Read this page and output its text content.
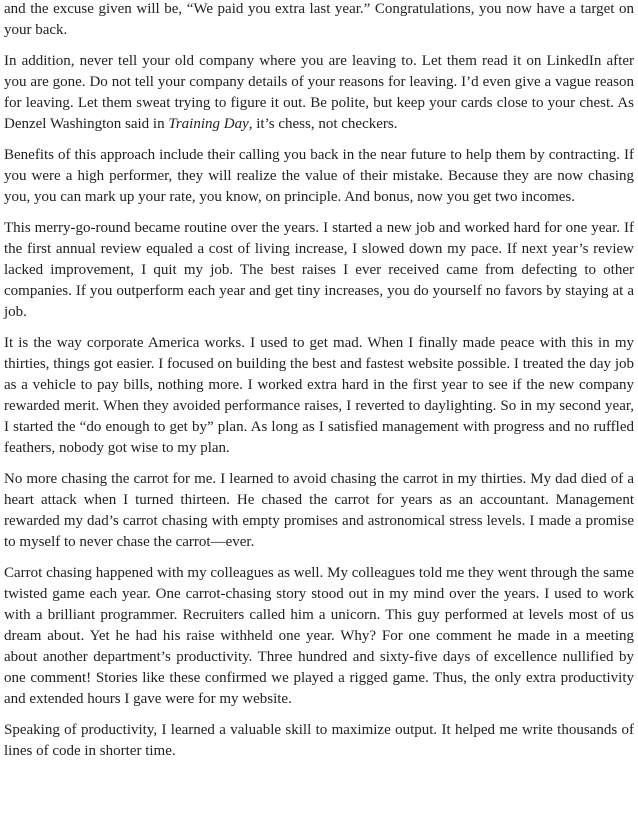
and the excuse given will be, “We paid you extra last year.” Congratulations, you now have a target on your back.

In addition, never tell your old company where you are leaving to. Let them read it on LinkedIn after you are gone. Do not tell your company details of your reasons for leaving. I’d even give a vague reason for leaving. Let them sweat trying to figure it out. Be polite, but keep your cards close to your chest. As Denzel Washington said in Training Day, it’s chess, not checkers.

Benefits of this approach include their calling you back in the near future to help them by contracting. If you were a high performer, they will realize the value of their mistake. Because they are now chasing you, you can mark up your rate, you know, on principle. And bonus, now you get two incomes.

This merry-go-round became routine over the years. I started a new job and worked hard for one year. If the first annual review equaled a cost of living increase, I slowed down my pace. If next year’s review lacked improvement, I quit my job. The best raises I ever received came from defecting to other companies. If you outperform each year and get tiny increases, you do yourself no favors by staying at a job.

It is the way corporate America works. I used to get mad. When I finally made peace with this in my thirties, things got easier. I focused on building the best and fastest website possible. I treated the day job as a vehicle to pay bills, nothing more. I worked extra hard in the first year to see if the new company rewarded merit. When they avoided performance raises, I reverted to daylighting. So in my second year, I started the “do enough to get by” plan. As long as I satisfied management with progress and no ruffled feathers, nobody got wise to my plan.

No more chasing the carrot for me. I learned to avoid chasing the carrot in my thirties. My dad died of a heart attack when I turned thirteen. He chased the carrot for years as an accountant. Management rewarded my dad’s carrot chasing with empty promises and astronomical stress levels. I made a promise to myself to never chase the carrot—ever.

Carrot chasing happened with my colleagues as well. My colleagues told me they went through the same twisted game each year. One carrot-chasing story stood out in my mind over the years. I used to work with a brilliant programmer. Recruiters called him a unicorn. This guy performed at levels most of us dream about. Yet he had his raise withheld one year. Why? For one comment he made in a meeting about another department’s productivity. Three hundred and sixty-five days of excellence nullified by one comment! Stories like these confirmed we played a rigged game. Thus, the only extra productivity and extended hours I gave were for my website.

Speaking of productivity, I learned a valuable skill to maximize output. It helped me write thousands of lines of code in shorter time.
